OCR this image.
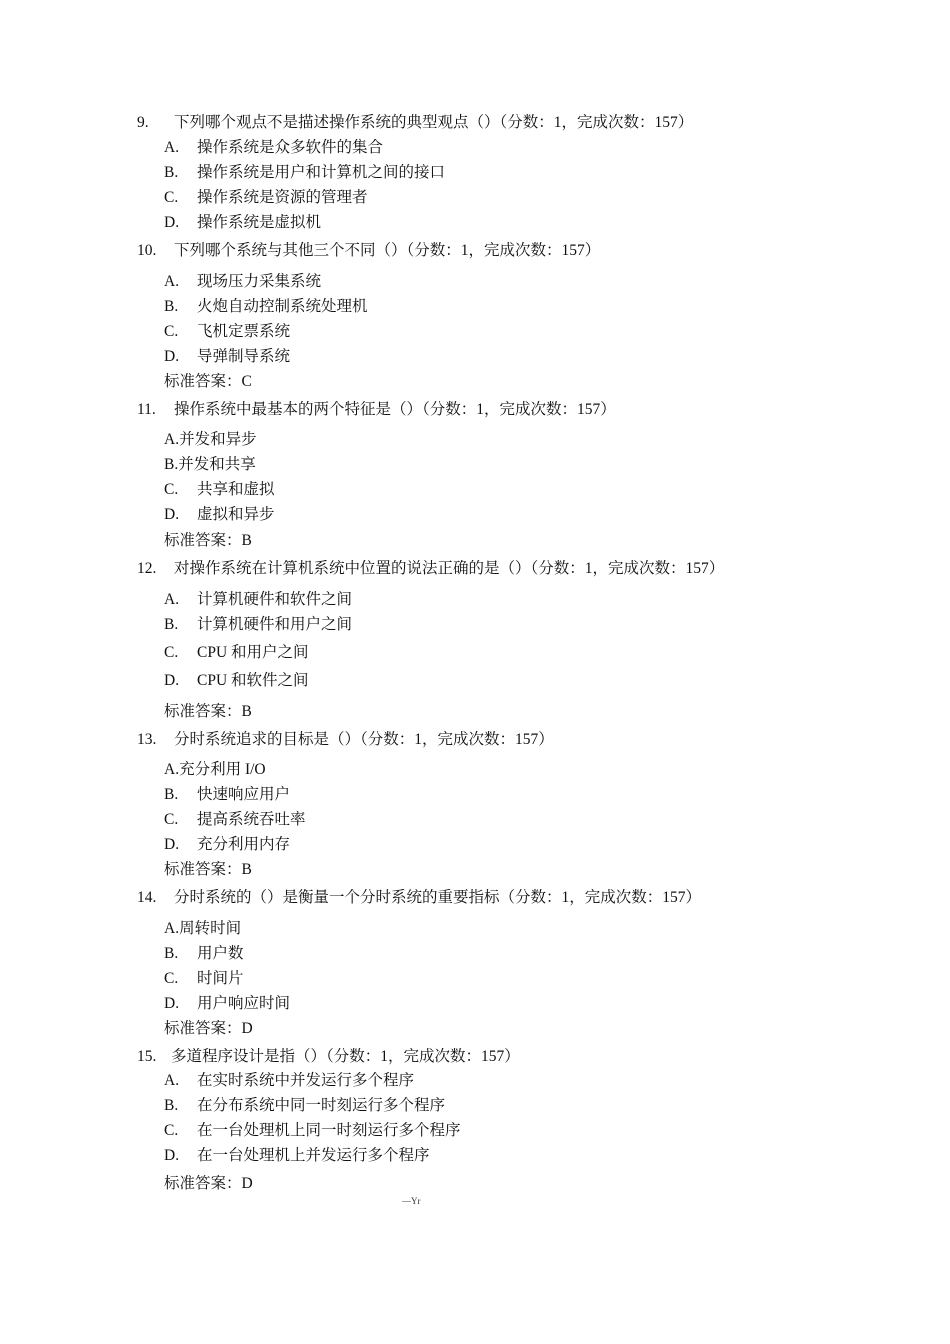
9. 下列哪个观点不是描述操作系统的典型观点（）（分数：1，完成次数：157）
A. 操作系统是众多软件的集合
B. 操作系统是用户和计算机之间的接口
C. 操作系统是资源的管理者
D. 操作系统是虚拟机
10. 下列哪个系统与其他三个不同（）（分数：1，完成次数：157）
A. 现场压力采集系统
B. 火炮自动控制系统处理机
C. 飞机定票系统
D. 导弹制导系统
标准答案：C
11. 操作系统中最基本的两个特征是（）（分数：1，完成次数：157）
A.并发和异步
B.并发和共享
C. 共享和虚拟
D. 虚拟和异步
标准答案：B
12. 对操作系统在计算机系统中位置的说法正确的是（）（分数：1，完成次数：157）
A. 计算机硬件和软件之间
B. 计算机硬件和用户之间
C. CPU 和用户之间
D. CPU 和软件之间
标准答案：B
13. 分时系统追求的目标是（）（分数：1，完成次数：157）
A.充分利用 I/O
B. 快速响应用户
C. 提高系统吞吐率
D. 充分利用内存
标准答案：B
14. 分时系统的（）是衡量一个分时系统的重要指标（分数：1，完成次数：157）
A.周转时间
B. 用户数
C. 时间片
D. 用户响应时间
标准答案：D
15. 多道程序设计是指（）（分数：1，完成次数：157）
A. 在实时系统中并发运行多个程序
B. 在分布系统中同一时刻运行多个程序
C. 在一台处理机上同一时刻运行多个程序
D. 在一台处理机上并发运行多个程序
标准答案：D
—Yr
